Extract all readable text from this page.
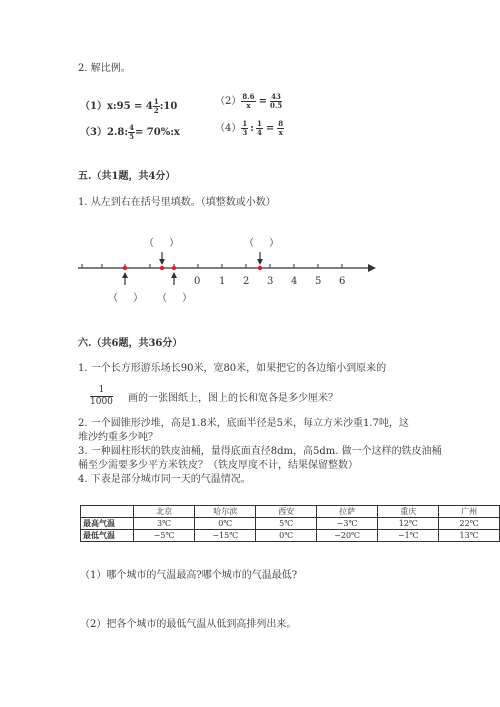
2. 解比例。
（1） x:95 = $4 \frac{1}{2}$ :10	$(2) \frac{8.6}{x} = \frac{43}{0.5}$
（3） 2.8: $\frac{4}{5}$ = 70%:x	$(4) \frac{1}{3}$ : $\frac{1}{4} = \frac{8}{x}$
五.（共1题，共4分）
1. 从左到右在括号里填数。（填整数或小数）
（ ）	（ ）
0 1 2 3 4 5 6
（ ） （ ）
六.（共6题，共36分）
1. 一个长方形游乐场长90米，宽80米，如果把它的各边缩小到原来的
$\frac{1}{1000}$ 画的一张图纸上，图上的长和宽各是多少厘米？
2. 一个圆锥形沙堆，高是1.8米，底面半径是5米，每立方米沙重1.7吨，这
堆沙约重多少吨？
3. 一种圆柱形状的铁皮油桶，量得底面直径8dm，高5dm. 做一个这样的铁皮油桶
桶至少需要多少平方米铁皮？（铁皮厚度不计，结果保留整数）
4. 下表是部分城市同一天的气温情况。
	北京	哈尔滨	西安	拉萨	重庆	广州
最高气温	3℃	0℃	5℃	−3℃	12℃	22℃
最低气温	−5℃	−15℃	0℃	−20℃	−1℃	13℃
（1）哪个城市的气温最高?哪个城市的气温最低?
（2）把各个城市的最低气温从低到高排列出来。
